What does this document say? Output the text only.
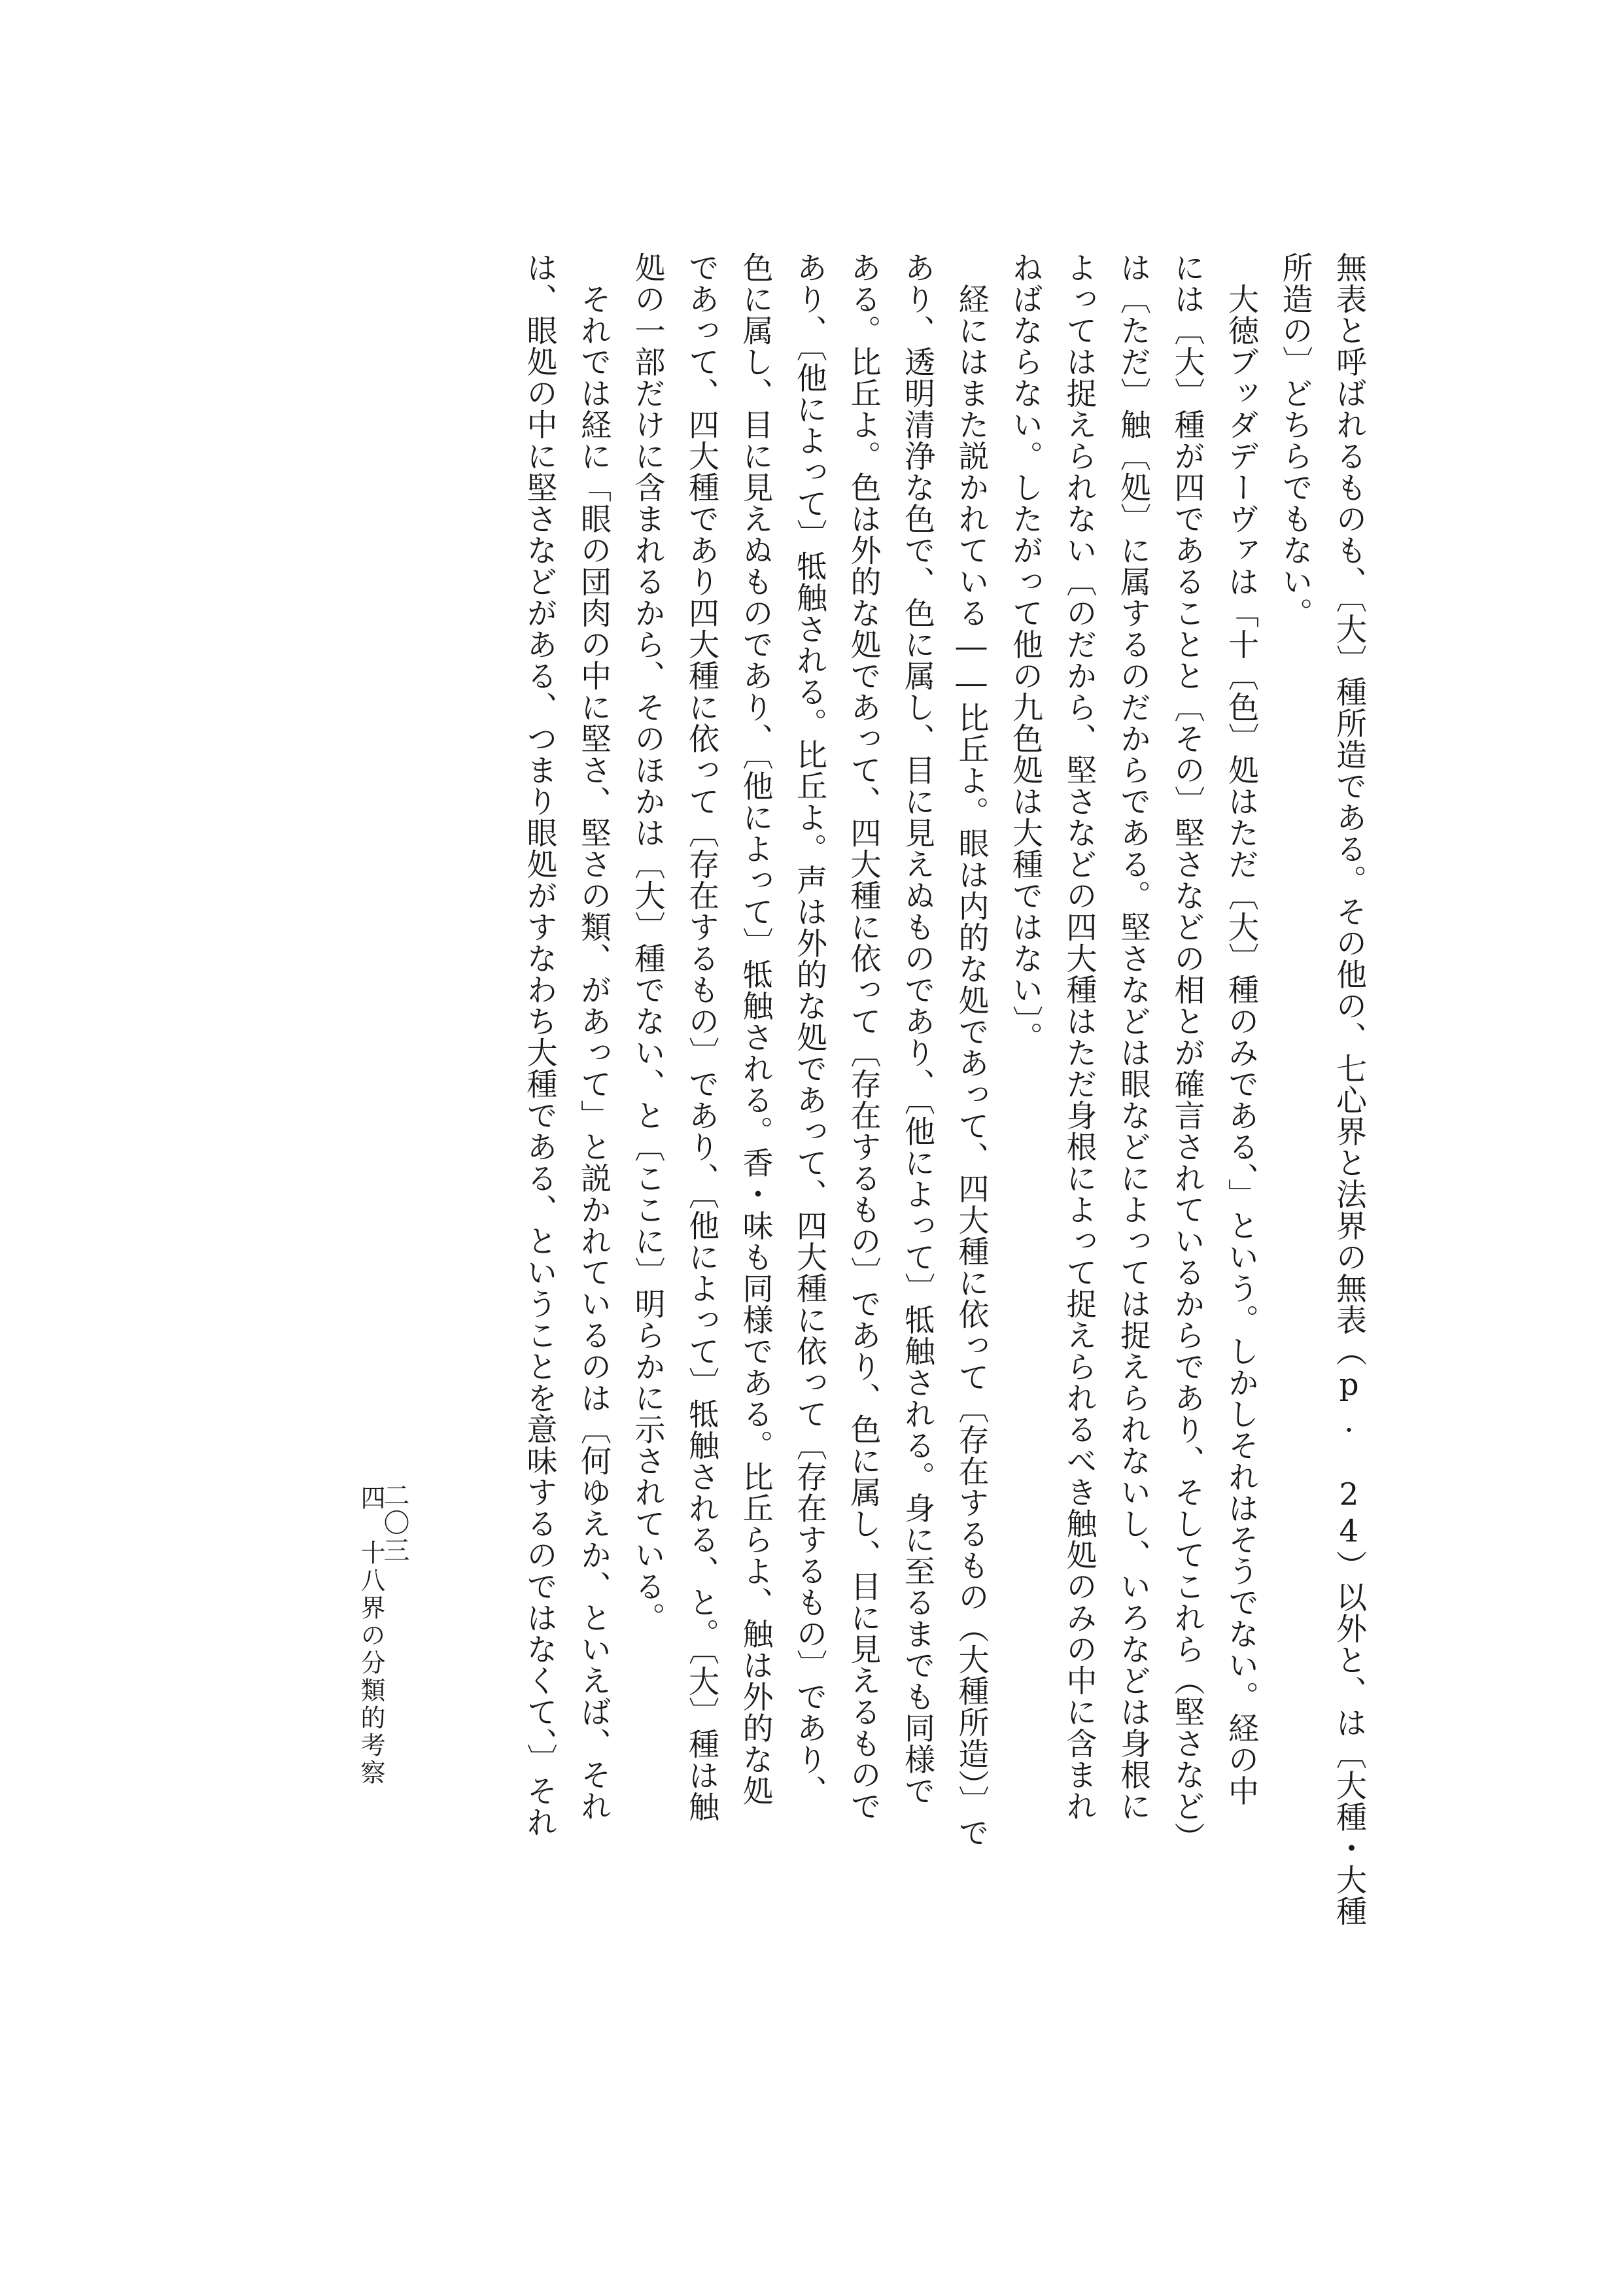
無表と呼ばれるものも、〔大〕種所造である。その他の、七心界と法界の無表（p. 24）以外と、は〔大種・大種

所造の〕どちらでもない。

　大徳ブッダデーヴァは「十〔色〕処はただ〔大〕種のみである、」という。しかしそれはそうでない。経の中

には〔大〕種が四であることと〔その〕堅さなどの相とが確言されているからであり、そしてこれら（堅さなど）

は〔ただ〕触〔処〕に属するのだからである。堅さなどは眼などによっては捉えられないし、いろなどは身根に

よっては捉えられない〔のだから、堅さなどの四大種はただ身根によって捉えられるべき触処のみの中に含まれ

ねばならない。したがって他の九色処は大種ではない〕。

　経にはまた説かれている――比丘よ。眼は内的な処であって、四大種に依って〔存在するもの（大種所造）〕で

あり、透明清浄な色で、色に属し、目に見えぬものであり、〔他によって〕牴触される。身に至るまでも同様で

ある。比丘よ。色は外的な処であって、四大種に依って〔存在するもの〕であり、色に属し、目に見えるもので

あり、〔他によって〕牴触される。比丘よ。声は外的な処であって、四大種に依って〔存在するもの〕であり、

色に属し、目に見えぬものであり、〔他によって〕牴触される。香・味も同様である。比丘らよ、触は外的な処

であって、四大種であり四大種に依って〔存在するもの〕であり、〔他によって〕牴触される、と。〔大〕種は触

処の一部だけに含まれるから、そのほかは〔大〕種でない、と〔ここに〕明らかに示されている。

　それでは経に「眼の団肉の中に堅さ、堅さの類、があって」と説かれているのは〔何ゆえか、といえば、それ

は、眼処の中に堅さなどがある、つまり眼処がすなわち大種である、ということを意味するのではなくて、〕それ

四　十八界の分類的考察
二〇三
